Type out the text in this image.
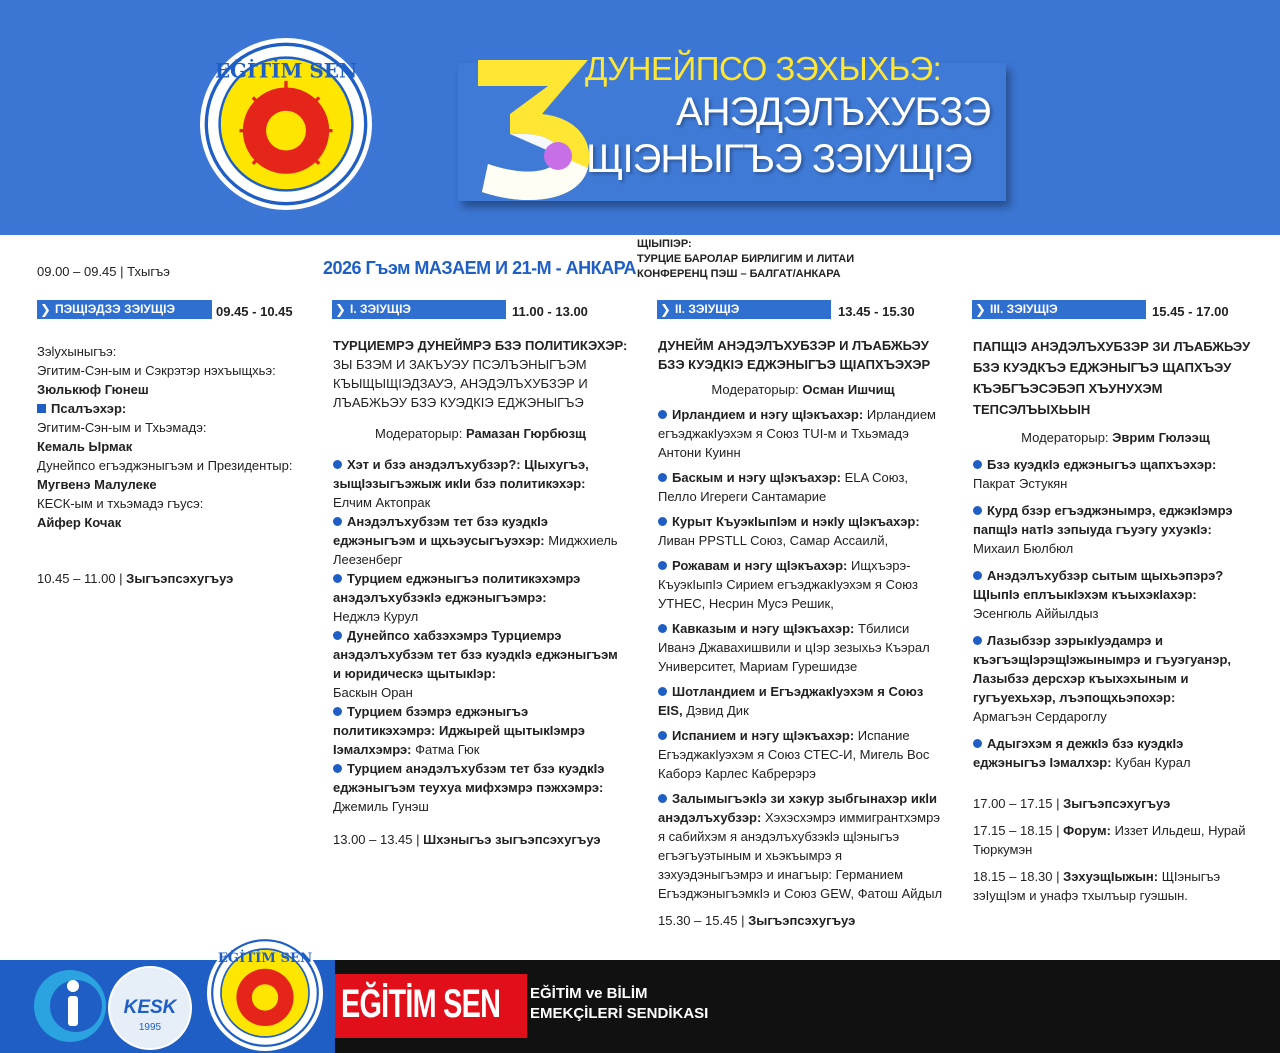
EĞİTİM SEN	ДУНЕЙПСО ЗЭХЫХЬЭ:
АНЭДЭЛЪХУБЗЭ
ЩIЭНЫГЪЭ ЗЭIУЩIЭ
09.00 – 09.45 | Тхыгъэ	2026 Гъэм МАЗАЕМ И 21-М - АНКАРА
ЩIЫПIЭР:
ТУРЦИЕ БАРОЛАР БИРЛИГИМ И ЛИТАИ
КОНФЕРЕНЦ ПЭШ – БАЛГАТ/АНКАРА
❯ ПЭЩIЭДЗЭ ЗЭIУЩIЭ	09.45 - 10.45	❯ I. ЗЭIУЩIЭ	11.00 - 13.00	❯ II. ЗЭIУЩIЭ	13.45 - 15.30	❯ III. ЗЭIУЩIЭ	15.45 - 17.00

Зэlухыныгъэ:

Эгитим-Сэн-ым и Сэкрэтэр нэхъыщхьэ:

Зюлькюф Гюнеш

Псалъэхэр:

Эгитим-Сэн-ым и Тхьэмадэ:

Кемаль Ырмак

Дунейпсо егъэджэныгъэм и Президентыр:

Мугвенэ Малулеке

КЕСК-ым и тхьэмадэ гъусэ:

Айфер Кочак

10.45 – 11.00 | Зыгъэпсэхугъуэ

ТУРЦИЕМРЭ ДУНЕЙМРЭ БЗЭ ПОЛИТИКЭХЭР: ЗЫ БЗЭМ И ЗАКЪУЭУ ПСЭЛЪЭНЫГЪЭМ КЪЫЩЫЩIЭДЗАУЭ, АНЭДЭЛЪХУБЗЭР И ЛЪАБЖЬЭУ БЗЭ КУЭДКIЭ ЕДЖЭНЫГЪЭ

Модераторыр: Рамазан Гюрбюзщ

Хэт и бзэ анэдэлъхубзэр?: ЦIыхугъэ, зыщIэзыгъэжыж икIи бзэ политикэхэр:

Елчим Актопрак

Анэдэлъхубзэм тет бзэ куэдкIэ еджэныгъэм и щхьэусыгъуэхэр: Миджхиель Леезенберг

Турцием еджэныгъэ политикэхэмрэ анэдэлъхубзэкIэ еджэныгъэмрэ:

Неджлэ Курул

Дунейпсо хабзэхэмрэ Турциемрэ анэдэлъхубзэм тет бзэ куэдкIэ еджэныгъэм и юридическэ щытыкIэр:

Баскын Оран

Турцием бзэмрэ еджэныгъэ политикэхэмрэ: Иджырей щытыкIэмрэ Iэмалхэмрэ: Фатма Гюк

Турцием анэдэлъхубзэм тет бзэ куэдкIэ еджэныгъэм теухуа мифхэмрэ пэжхэмрэ:

Джемиль Гунэш

13.00 – 13.45 | Шхэныгъэ зыгъэпсэхугъуэ

ДУНЕЙМ АНЭДЭЛЪХУБЗЭР И ЛЪАБЖЬЭУ БЗЭ КУЭДКIЭ ЕДЖЭНЫГЪЭ ЩIАПХЪЭХЭР

Модераторыр: Осман Ишчищ

Ирландием и нэгу щIэкъахэр: Ирландием егъэджакIуэхэм я Союз TUI-м и Тхьэмадэ Антони Куинн

Баскым и нэгу щIэкъахэр: ELA Союз, Пелло Игереги Сантамарие

Курыт КъуэкIыпIэм и нэкIу щIэкъахэр: Ливан PPSTLL Союз, Самар Ассаилй,

Рожавам и нэгу щIэкъахэр: Ищхъэрэ-КъуэкIыпIэ Сирием егъэджакIуэхэм я Союз УТНЕС, Несрин Мусэ Решик,

Кавказым и нэгу щIэкъахэр: Тбилиси Иванэ Джавахишвили и цIэр зезыхьэ Къэрал Университет, Мариам Гурешидзе

Шотландием и ЕгъэджакIуэхэм я Союз EIS, Дэвид Дик

Испанием и нэгу щIэкъахэр: Испание ЕгъэджакIуэхэм я Союз СТЕС-И, Мигель Вос Каборэ Карлес Кабрерэрэ

Залымыгъэкlэ зи хэкур зыбгынахэр икlи анэдэлъхубзэр: Хэхэсхэмрэ иммигрантхэмрэ я сабийхэм я анэдэлъхубзэкlэ щlэныгъэ егъэгъуэтыным и хьэкъымрэ я зэхуэдэныгъэмрэ и инагъыр: Германием ЕгъэджэныгъэмкIэ и Союз GEW, Фатош Айдыл

15.30 – 15.45 | Зыгъэпсэхугъуэ

ПАПЩIЭ АНЭДЭЛЪХУБЗЭР ЗИ ЛЪАБЖЬЭУ БЗЭ КУЭДКЪЭ ЕДЖЭНЫГЪЭ ЩАПХЪЭУ КЪЭБГЪЭСЭБЭП ХЪУНУХЭМ ТЕПСЭЛЪЫХЬЫН

Модераторыр: Эврим Гюлээщ

Бзэ куэдкIэ еджэныгъэ щапхъэхэр:

Пакрат Эстукян

Курд бзэр егъэджэнымрэ, еджэкIэмрэ папщIэ натIэ зэпыуда гъуэгу ухуэкIэ:

Михаил Бюлбюл

Анэдэлъхубзэр сытым щыхьэпэрэ? ЩIыпIэ еплъыкIэхэм къыхэкIахэр:

Эсенгюль Аййылдыз

Лазыбзэр зэрыкIуэдамрэ и къэгъэщIэрэщIэжынымрэ и гъуэгуанэр, Лазыбзэ дерсхэр къыхэхыным и гугъуехьхэр, лъэпощхьэпохэр:

Армагъэн Сердароглу

Адыгэхэм я дежкIэ бзэ куэдкIэ еджэныгъэ Iэмалхэр: Кубан Курал

17.00 – 17.15 | Зыгъэпсэхугъуэ

17.15 – 18.15 | Форум: Иззет Ильдеш, Нурай Тюркумэн

18.15 – 18.30 | ЗэхуэщIыжын: ЩIэныгъэ зэIущIэм и унафэ тхылъыр гуэшын.

KESK
1995
EĞİTİM SEN
EĞİTİM SEN EĞİTİM ve BİLİM
EMEKÇİLERİ SENDİKASI
